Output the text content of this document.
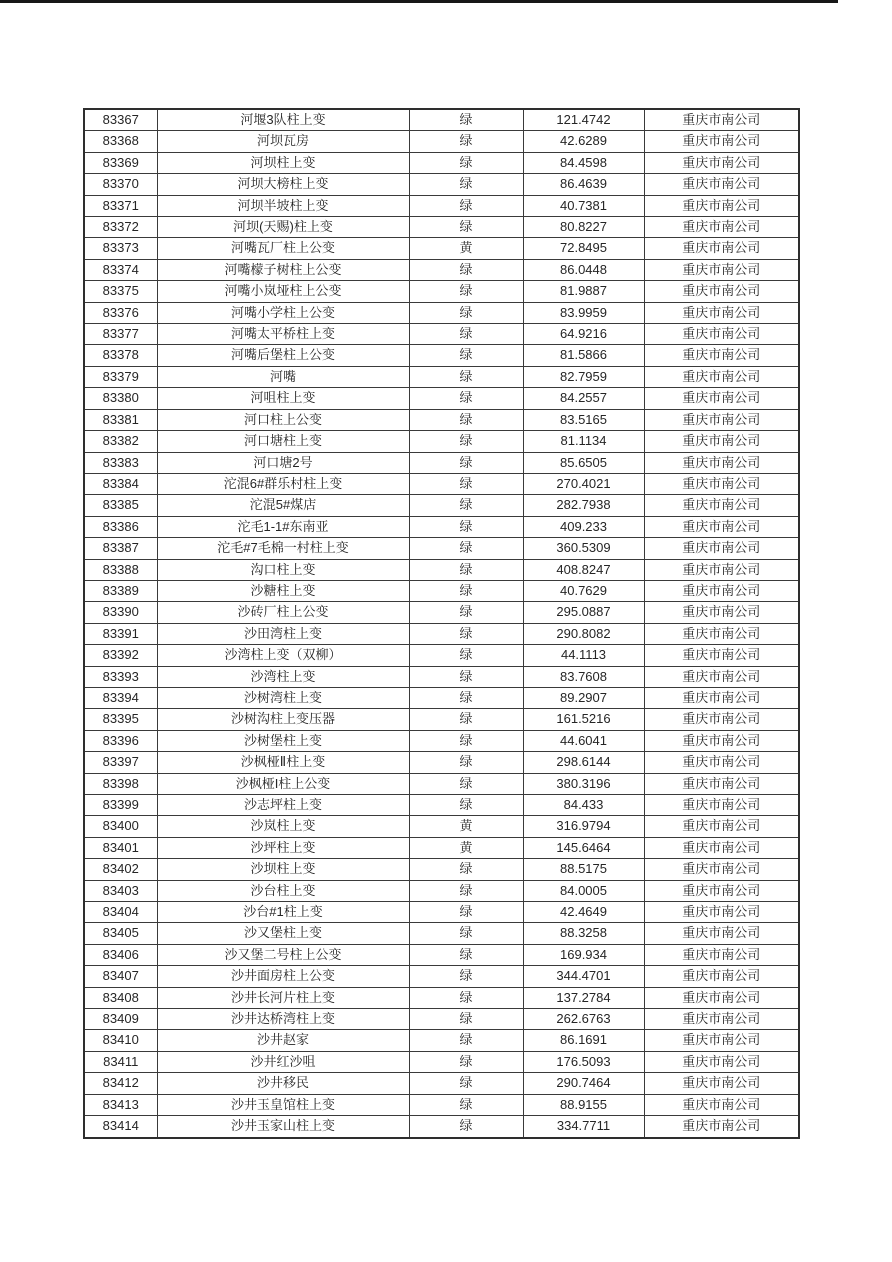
83367	河堰3队柱上变	绿	121.4742	重庆市南公司
83368	河坝瓦房	绿	42.6289	重庆市南公司
83369	河坝柱上变	绿	84.4598	重庆市南公司
83370	河坝大榜柱上变	绿	86.4639	重庆市南公司
83371	河坝半坡柱上变	绿	40.7381	重庆市南公司
83372	河坝(天赐)柱上变	绿	80.8227	重庆市南公司
83373	河嘴瓦厂柱上公变	黄	72.8495	重庆市南公司
83374	河嘴檬子树柱上公变	绿	86.0448	重庆市南公司
83375	河嘴小岚垭柱上公变	绿	81.9887	重庆市南公司
83376	河嘴小学柱上公变	绿	83.9959	重庆市南公司
83377	河嘴太平桥柱上变	绿	64.9216	重庆市南公司
83378	河嘴后堡柱上公变	绿	81.5866	重庆市南公司
83379	河嘴	绿	82.7959	重庆市南公司
83380	河咀柱上变	绿	84.2557	重庆市南公司
83381	河口柱上公变	绿	83.5165	重庆市南公司
83382	河口塘柱上变	绿	81.1134	重庆市南公司
83383	河口塘2号	绿	85.6505	重庆市南公司
83384	沱混6#群乐村柱上变	绿	270.4021	重庆市南公司
83385	沱混5#煤店	绿	282.7938	重庆市南公司
83386	沱毛1-1#东南亚	绿	409.233	重庆市南公司
83387	沱毛#7毛棉一村柱上变	绿	360.5309	重庆市南公司
83388	沟口柱上变	绿	408.8247	重庆市南公司
83389	沙糖柱上变	绿	40.7629	重庆市南公司
83390	沙砖厂柱上公变	绿	295.0887	重庆市南公司
83391	沙田湾柱上变	绿	290.8082	重庆市南公司
83392	沙湾柱上变（双柳）	绿	44.1113	重庆市南公司
83393	沙湾柱上变	绿	83.7608	重庆市南公司
83394	沙树湾柱上变	绿	89.2907	重庆市南公司
83395	沙树沟柱上变压器	绿	161.5216	重庆市南公司
83396	沙树堡柱上变	绿	44.6041	重庆市南公司
83397	沙枫桠Ⅱ柱上变	绿	298.6144	重庆市南公司
83398	沙枫桠I柱上公变	绿	380.3196	重庆市南公司
83399	沙志坪柱上变	绿	84.433	重庆市南公司
83400	沙岚柱上变	黄	316.9794	重庆市南公司
83401	沙坪柱上变	黄	145.6464	重庆市南公司
83402	沙坝柱上变	绿	88.5175	重庆市南公司
83403	沙台柱上变	绿	84.0005	重庆市南公司
83404	沙台#1柱上变	绿	42.4649	重庆市南公司
83405	沙又堡柱上变	绿	88.3258	重庆市南公司
83406	沙又堡二号柱上公变	绿	169.934	重庆市南公司
83407	沙井面房柱上公变	绿	344.4701	重庆市南公司
83408	沙井长河片柱上变	绿	137.2784	重庆市南公司
83409	沙井达桥湾柱上变	绿	262.6763	重庆市南公司
83410	沙井赵家	绿	86.1691	重庆市南公司
83411	沙井红沙咀	绿	176.5093	重庆市南公司
83412	沙井移民	绿	290.7464	重庆市南公司
83413	沙井玉皇馆柱上变	绿	88.9155	重庆市南公司
83414	沙井玉家山柱上变	绿	334.7711	重庆市南公司
